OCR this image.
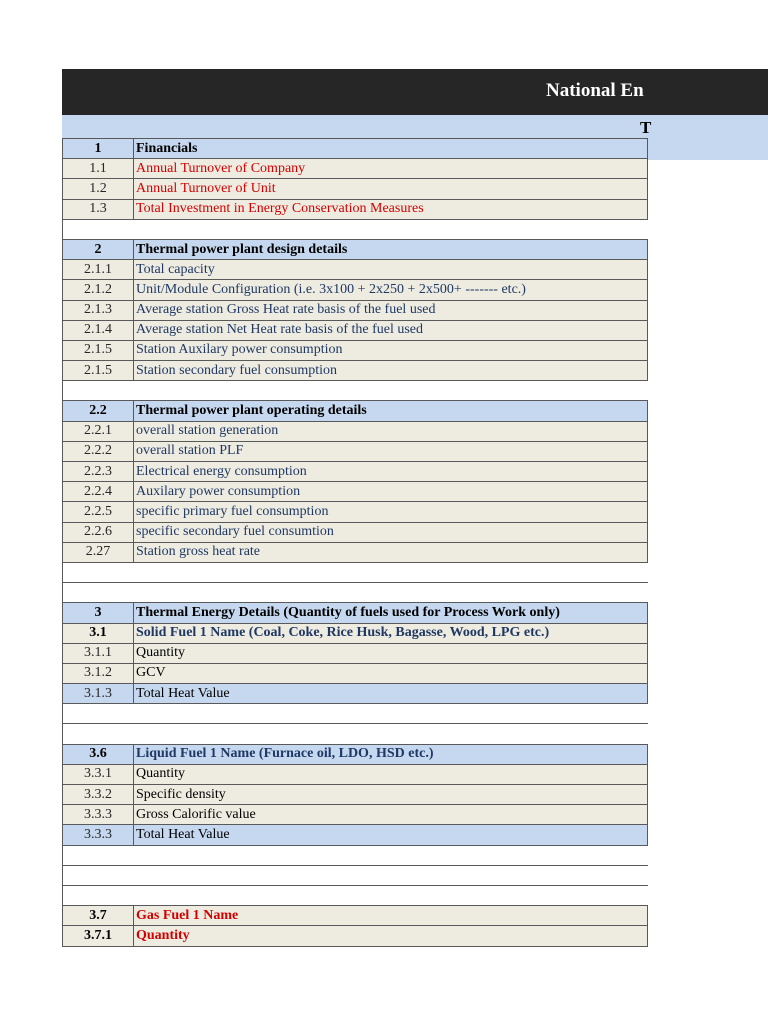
National En
T
1	Financials
1.1	Annual Turnover of Company
1.2	Annual Turnover of Unit
1.3	Total Investment in Energy Conservation Measures

2	Thermal power plant design details
2.1.1	Total capacity
2.1.2	Unit/Module Configuration (i.e. 3x100 + 2x250 + 2x500+ ------- etc.)
2.1.3	Average station Gross Heat rate basis of the fuel used
2.1.4	Average station Net Heat rate basis of the fuel used
2.1.5	Station Auxilary power consumption
2.1.5	Station secondary fuel consumption

2.2	Thermal power plant operating details
2.2.1	overall station generation
2.2.2	overall station PLF
2.2.3	Electrical energy consumption
2.2.4	Auxilary power consumption
2.2.5	specific primary fuel consumption
2.2.6	specific secondary fuel consumtion
2.27	Station gross heat rate

3	Thermal Energy Details (Quantity of fuels used for Process Work only)
3.1	Solid Fuel 1 Name (Coal, Coke, Rice Husk, Bagasse, Wood, LPG etc.)
3.1.1	Quantity
3.1.2	GCV
3.1.3	Total Heat Value

3.6	Liquid Fuel 1 Name (Furnace oil, LDO, HSD etc.)
3.3.1	Quantity
3.3.2	Specific density
3.3.3	Gross Calorific value
3.3.3	Total Heat Value

3.7	Gas Fuel 1 Name
3.7.1	Quantity
